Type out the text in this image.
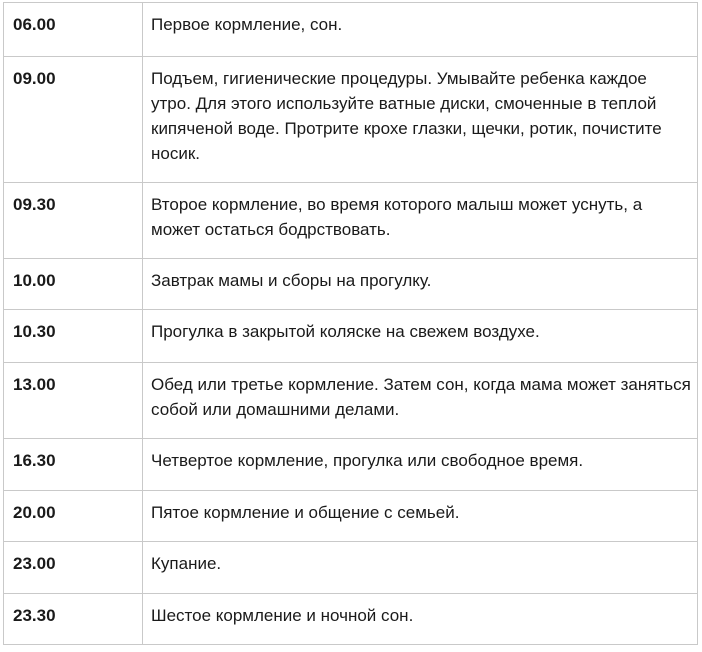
06.00	Первое кормление, сон.
09.00	Подъем, гигиенические процедуры. Умывайте ребенка каждое утро. Для этого используйте ватные диски, смоченные в теплой кипяченой воде. Протрите крохе глазки, щечки, ротик, почистите носик.
09.30	Второе кормление, во время которого малыш может уснуть, а может остаться бодрствовать.
10.00	Завтрак мамы и сборы на прогулку.
10.30	Прогулка в закрытой коляске на свежем воздухе.
13.00	Обед или третье кормление. Затем сон, когда мама может заняться собой или домашними делами.
16.30	Четвертое кормление, прогулка или свободное время.
20.00	Пятое кормление и общение с семьей.
23.00	Купание.
23.30	Шестое кормление и ночной сон.
